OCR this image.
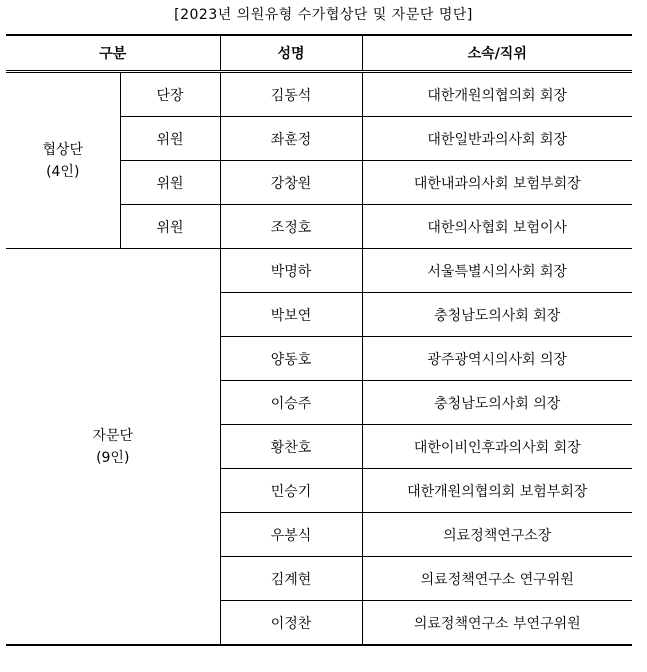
[2023년 의원유형 수가협상단 및 자문단 명단]
구분		성명	소속/직위

협상단
(4인)	단장	김동석	대한개원의협의회 회장
	위원	좌훈정	대한일반과의사회 회장
	위원	강창원	대한내과의사회 보험부회장
	위원	조정호	대한의사협회 보험이사

자문단
(9인)		박명하	서울특별시의사회 회장
		박보연	충청남도의사회 회장
		양동호	광주광역시의사회 의장
		이승주	충청남도의사회 의장
		황찬호	대한이비인후과의사회 회장
		민승기	대한개원의협의회 보험부회장
		우봉식	의료정책연구소장
		김계현	의료정책연구소 연구위원
		이정찬	의료정책연구소 부연구위원
